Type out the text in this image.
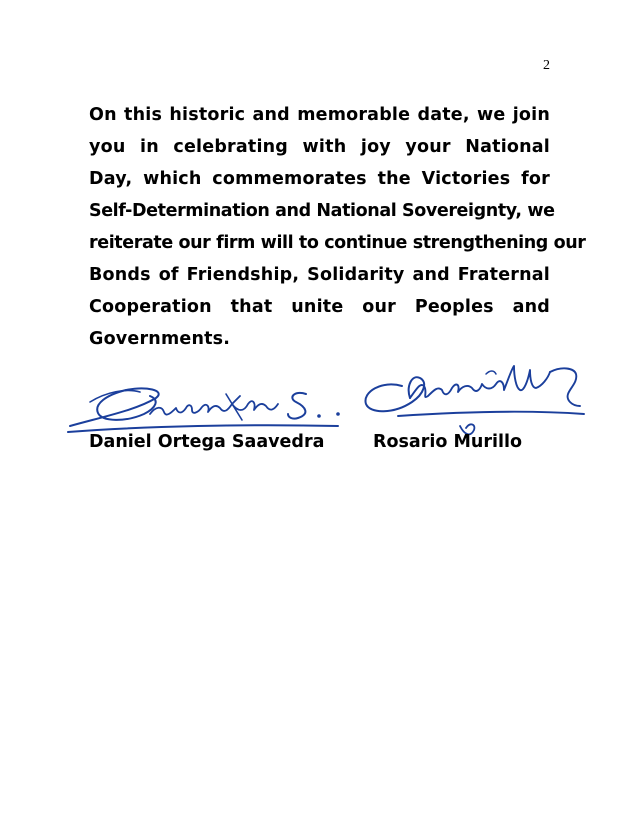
2
On this historic and memorable date, we join
you in celebrating with joy your National
Day, which commemorates the Victories for
Self-Determination and National Sovereignty, we
reiterate our firm will to continue strengthening our
Bonds of Friendship, Solidarity and Fraternal
Cooperation that unite our Peoples and
Governments.
Daniel Ortega Saavedra	Rosario Murillo
